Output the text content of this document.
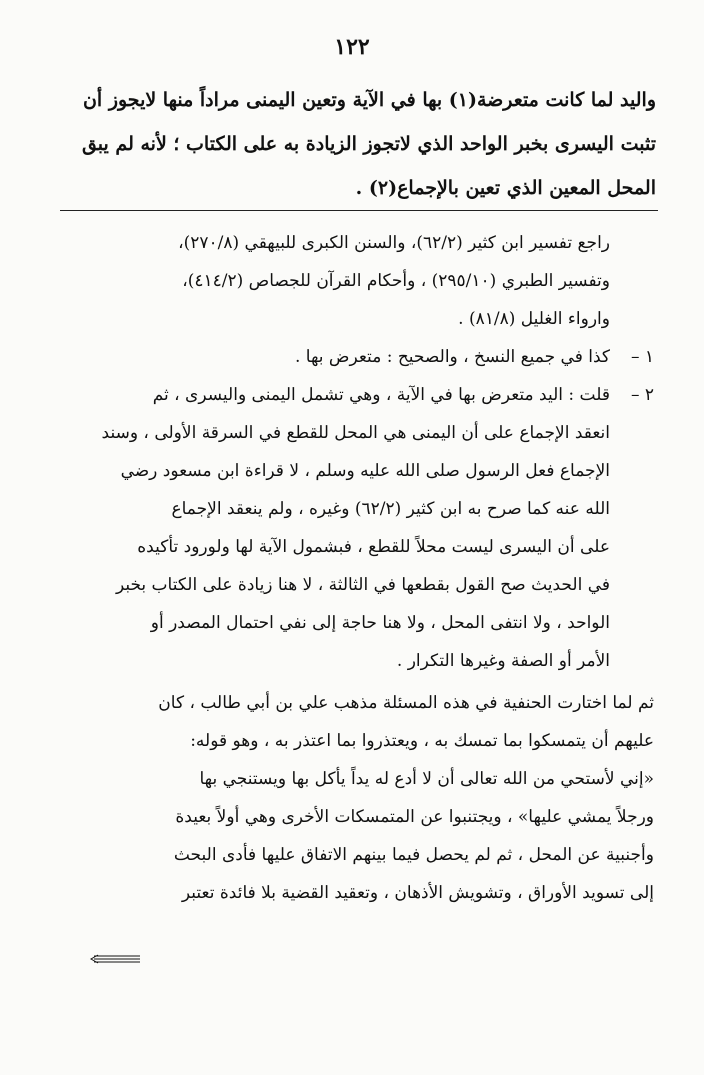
١٢٢
واليد لما كانت متعرضة(١) بها في الآية وتعين اليمنى مراداً منها لايجوز أن
تثبت اليسرى بخبر الواحد الذي لاتجوز الزيادة به على الكتاب ؛ لأنه لم يبق
المحل المعين الذي تعين بالإجماع(٢) .
راجع تفسير ابن كثير (٦٢/٢)، والسنن الكبرى للبيهقي (٢٧٠/٨)،
وتفسير الطبري (٢٩٥/١٠) ، وأحكام القرآن للجصاص (٤١٤/٢)،
وارواء الغليل (٨١/٨) .
١ –كذا في جميع النسخ ، والصحيح : متعرض بها .
٢ –قلت : اليد متعرض بها في الآية ، وهي تشمل اليمنى واليسرى ، ثم
انعقد الإجماع على أن اليمنى هي المحل للقطع في السرقة الأولى ، وسند
الإجماع فعل الرسول صلى الله عليه وسلم ، لا قراءة ابن مسعود رضي
الله عنه كما صرح به ابن كثير (٦٢/٢) وغيره ، ولم ينعقد الإجماع
على أن اليسرى ليست محلاً للقطع ، فبشمول الآية لها ولورود تأكيده
في الحديث صح القول بقطعها في الثالثة ، لا هنا زيادة على الكتاب بخبر
الواحد ، ولا انتفى المحل ، ولا هنا حاجة إلى نفي احتمال المصدر أو
الأمر أو الصفة وغيرها التكرار .
ثم لما اختارت الحنفية في هذه المسئلة مذهب علي بن أبي طالب ، كان
عليهم أن يتمسكوا بما تمسك به ، ويعتذروا بما اعتذر به ، وهو قوله:
«إني لأستحي من الله تعالى أن لا أدع له يداً يأكل بها ويستنجي بها
ورجلاً يمشي عليها» ، ويجتنبوا عن المتمسكات الأخرى وهي أولاً بعيدة
وأجنبية عن المحل ، ثم لم يحصل فيما بينهم الاتفاق عليها فأدى البحث
إلى تسويد الأوراق ، وتشويش الأذهان ، وتعقيد القضية بلا فائدة تعتبر
